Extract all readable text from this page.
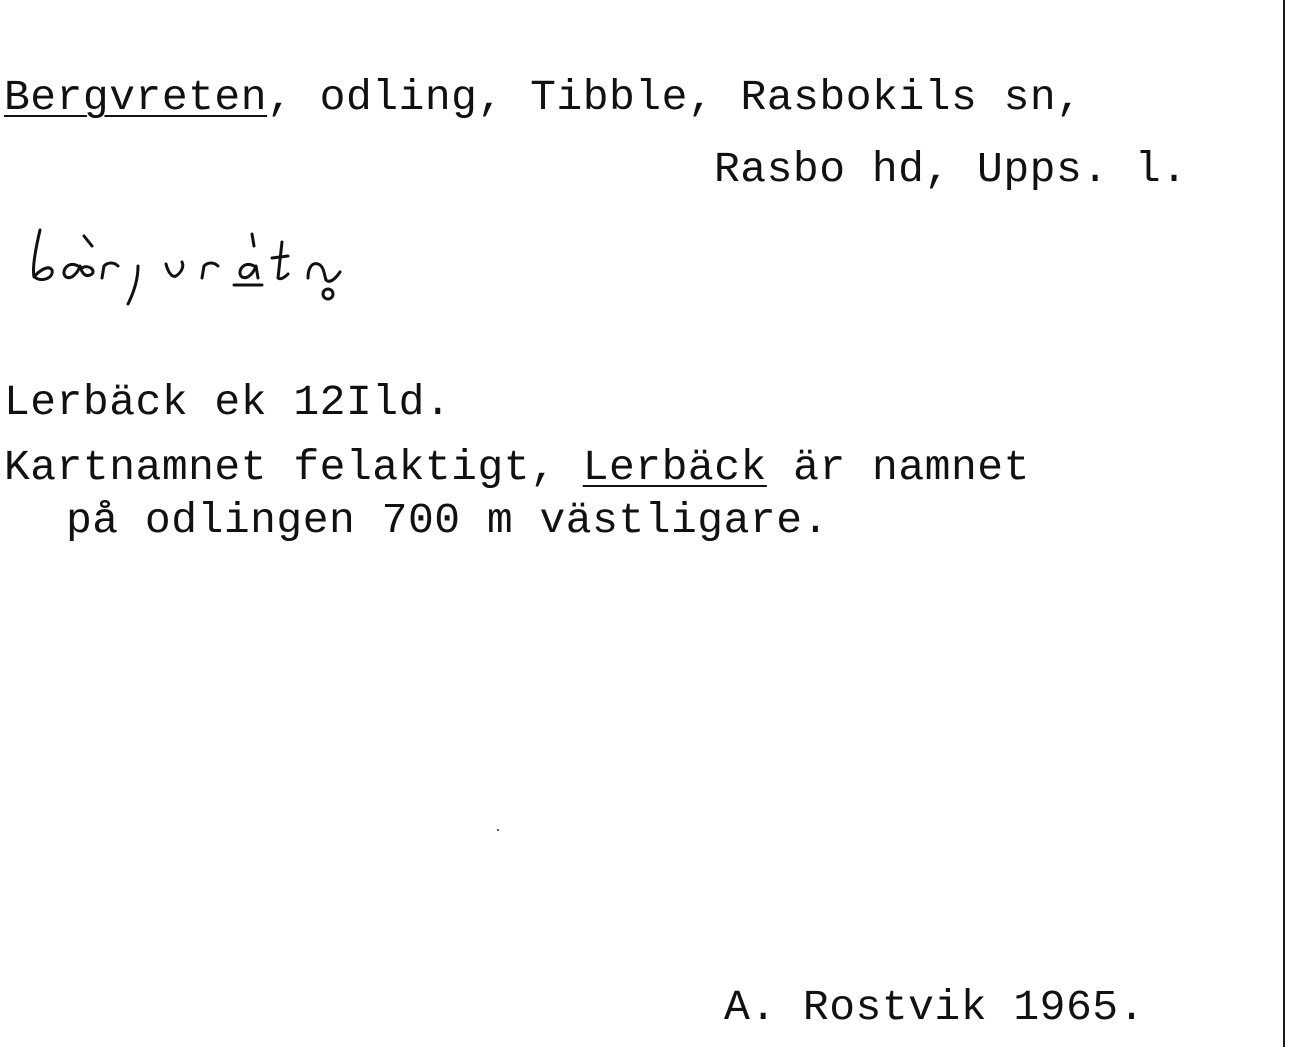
Bergvreten, odling, Tibble, Rasbokils sn,
Rasbo hd, Upps. l.
Lerbäck ek 12Ild.
Kartnamnet felaktigt, Lerbäck är namnet
på odlingen 700 m västligare.
A. Rostvik 1965.
